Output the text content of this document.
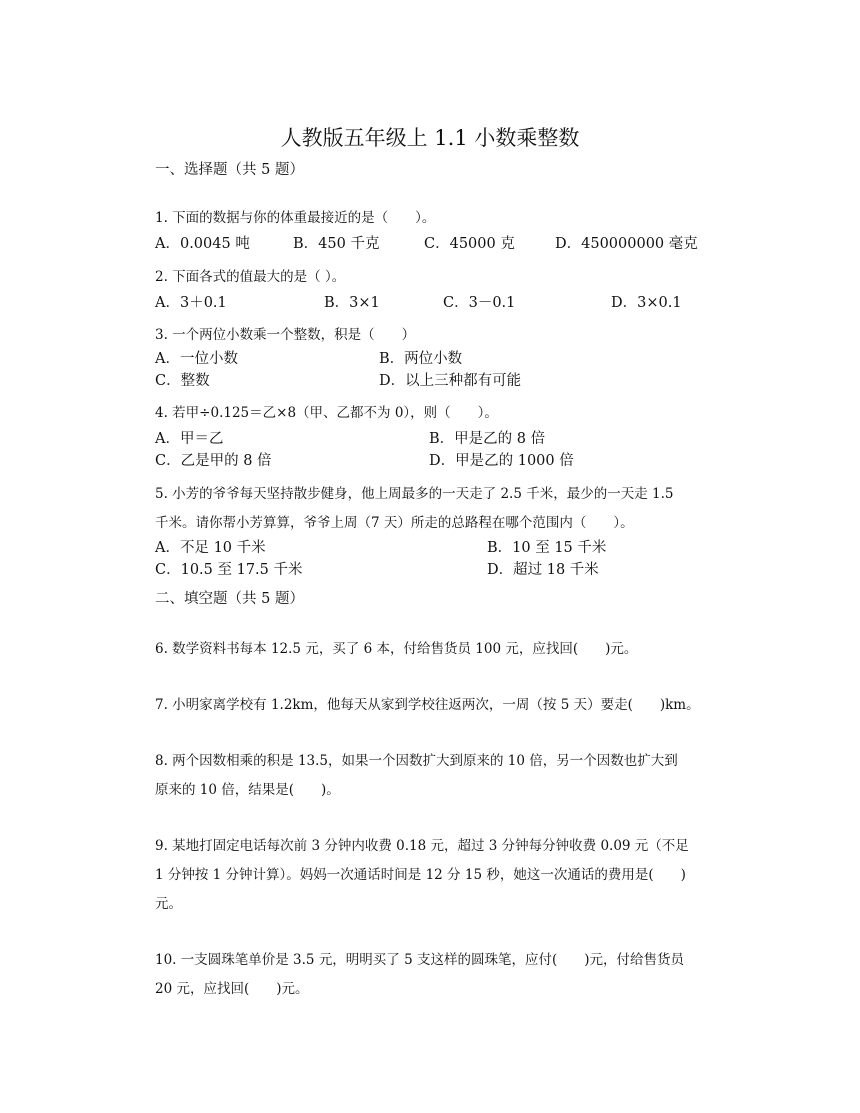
人教版五年级上 1.1 小数乘整数
一、选择题（共 5 题）
1. 下面的数据与你的体重最接近的是（　　）。
A．0.0045 吨	B．450 千克	C．45000 克	D．450000000 毫克
2. 下面各式的值最大的是（ ）。
A．3＋0.1	B．3×1	C．3－0.1	D．3×0.1
3. 一个两位小数乘一个整数，积是（　　）
A．一位小数	B．两位小数
C．整数	D．以上三种都有可能
4. 若甲÷0.125＝乙×8（甲、乙都不为 0），则（　　）。
A．甲＝乙	B．甲是乙的 8 倍
C．乙是甲的 8 倍	D．甲是乙的 1000 倍
5. 小芳的爷爷每天坚持散步健身，他上周最多的一天走了 2.5 千米，最少的一天走 1.5
千米。请你帮小芳算算，爷爷上周（7 天）所走的总路程在哪个范围内（　　）。
A．不足 10 千米	B．10 至 15 千米
C．10.5 至 17.5 千米	D．超过 18 千米
二、填空题（共 5 题）
6. 数学资料书每本 12.5 元，买了 6 本，付给售货员 100 元，应找回(　　)元。
7. 小明家离学校有 1.2km，他每天从家到学校往返两次，一周（按 5 天）要走(　　)km。
8. 两个因数相乘的积是 13.5，如果一个因数扩大到原来的 10 倍，另一个因数也扩大到
原来的 10 倍，结果是(　　)。
9. 某地打固定电话每次前 3 分钟内收费 0.18 元，超过 3 分钟每分钟收费 0.09 元（不足
1 分钟按 1 分钟计算）。妈妈一次通话时间是 12 分 15 秒，她这一次通话的费用是(　　)
元。
10. 一支圆珠笔单价是 3.5 元，明明买了 5 支这样的圆珠笔，应付(　　)元，付给售货员
20 元，应找回(　　)元。
